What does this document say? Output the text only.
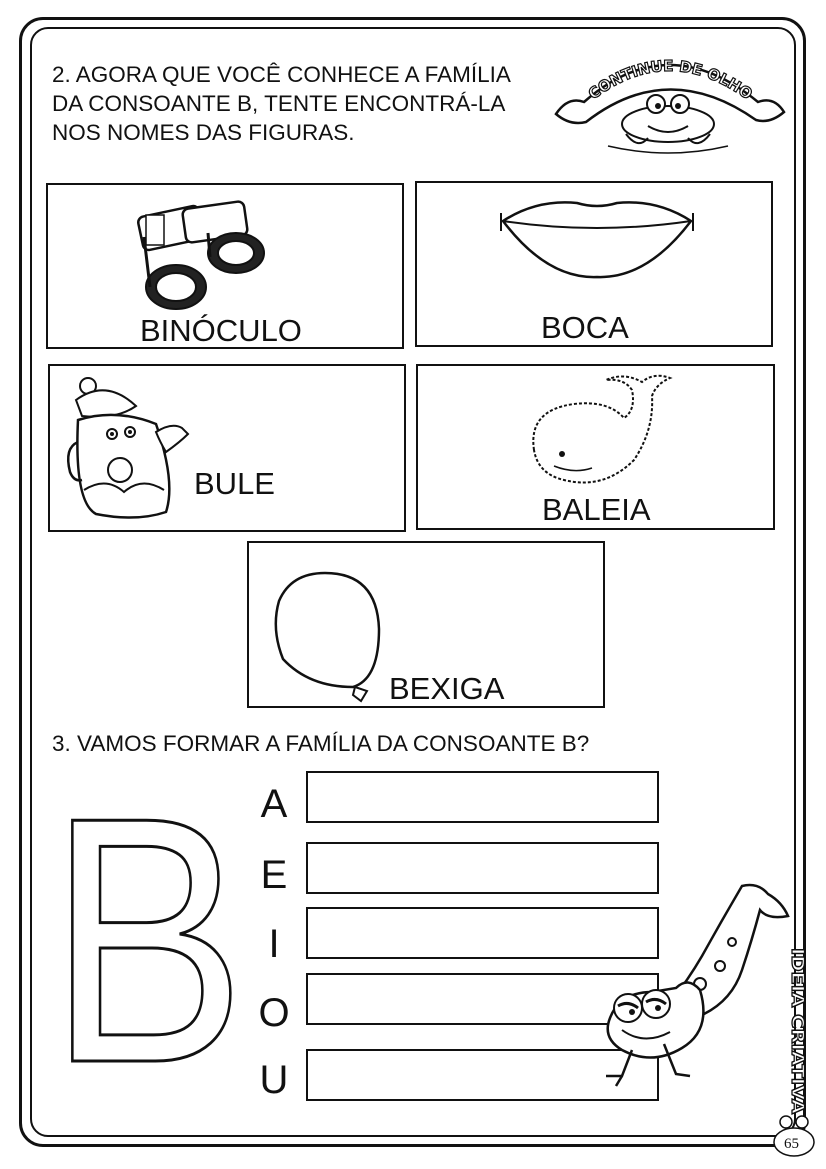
2. AGORA QUE VOCÊ CONHECE A FAMÍLIA
DA CONSOANTE B, TENTE ENCONTRÁ-LA
NOS NOMES DAS FIGURAS.
CONTINUE DE OLHO
BINÓCULO	BOCA
BULE
BALEIA
BEXIGA
3. VAMOS FORMAR A FAMÍLIA DA CONSOANTE B?
B A
E
I
O
U	IDEIA CRIATIVA
65
